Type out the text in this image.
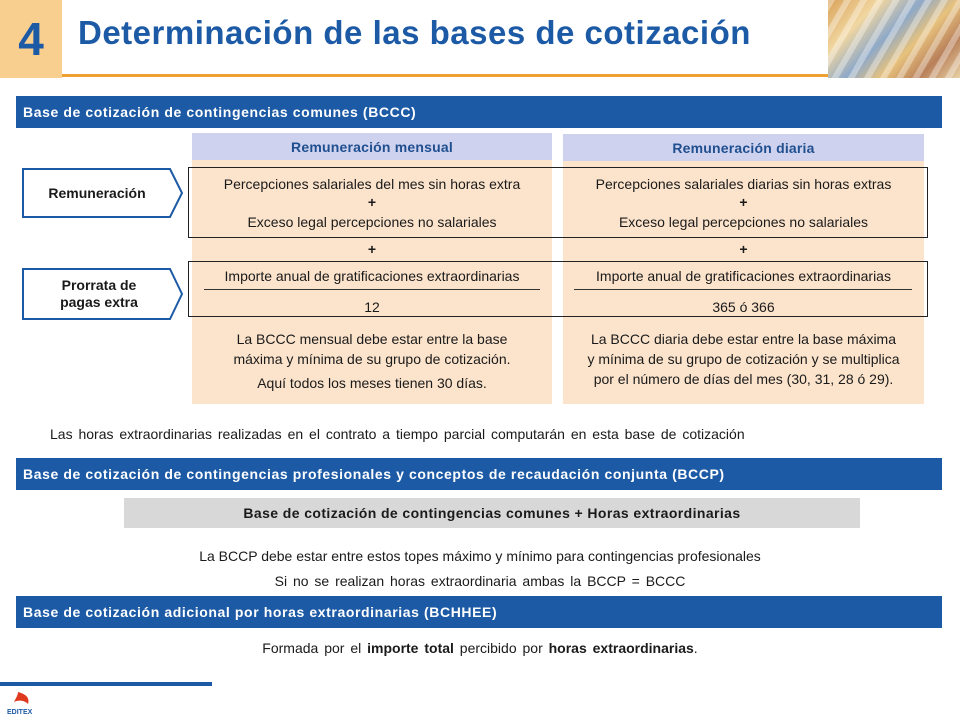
4	Determinación de las bases de cotización
Base de cotización de contingencias comunes (BCCC)
Remuneración mensual	Remuneración diaria
Remuneración
Prorrata de pagas extra
Percepciones salariales del mes sin horas extra
+
Exceso legal percepciones no salariales
+
Importe anual de gratificaciones extraordinarias
12
La BCCC mensual debe estar entre la base
máxima y mínima de su grupo de cotización.
Aquí todos los meses tienen 30 días.
Percepciones salariales diarias sin horas extras
+
Exceso legal percepciones no salariales
+
Importe anual de gratificaciones extraordinarias
365 ó 366
La BCCC diaria debe estar entre la base máxima
y mínima de su grupo de cotización y se multiplica
por el número de días del mes (30, 31, 28 ó 29).
Las horas extraordinarias realizadas en el contrato a tiempo parcial computarán en esta base de cotización
Base de cotización de contingencias profesionales y conceptos de recaudación conjunta (BCCP)
Base de cotización de contingencias comunes + Horas extraordinarias
La BCCP debe estar entre estos topes máximo y mínimo para contingencias profesionales
Si no se realizan horas extraordinaria ambas la BCCP = BCCC
Base de cotización adicional por horas extraordinarias (BCHHEE)
Formada por el importe total percibido por horas extraordinarias.
EDITEX
